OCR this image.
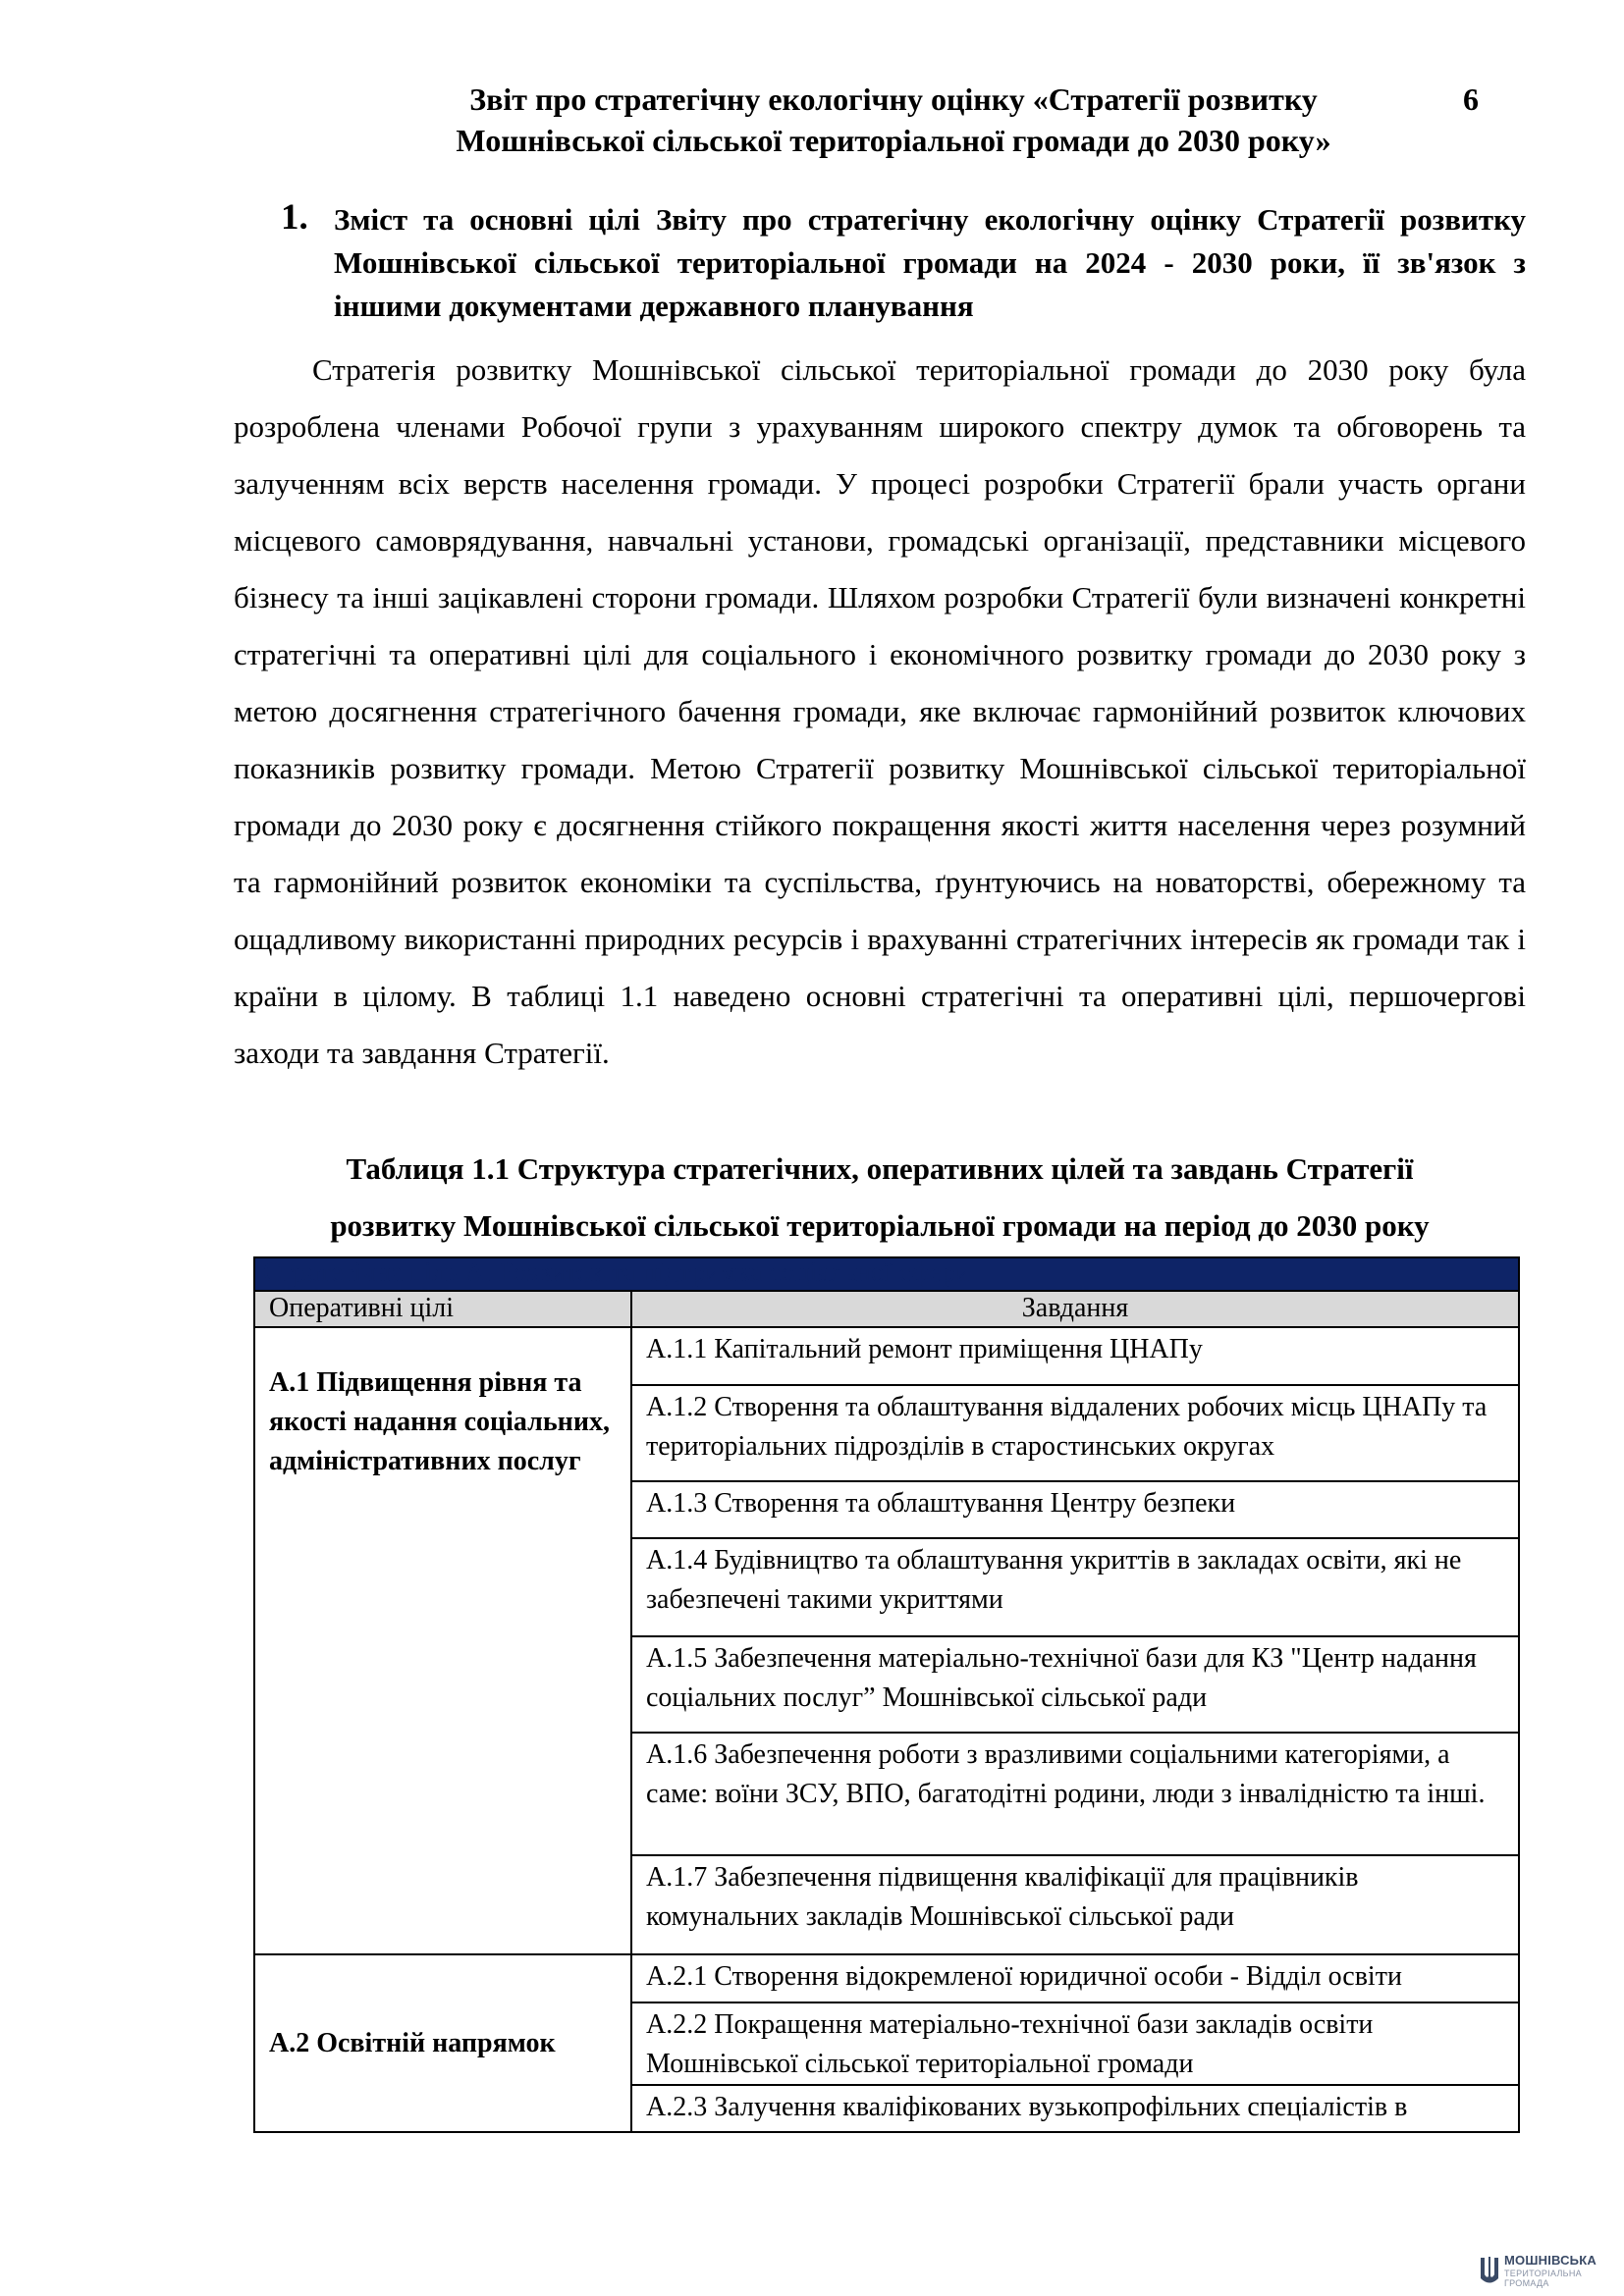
Звіт про стратегічну екологічну оцінку «Стратегії розвитку
Мошнівської сільської територіальної громади до 2030 року»
6
1. Зміст та основні цілі Звіту про стратегічну екологічну оцінку Стратегії розвитку Мошнівської сільської територіальної громади на 2024 - 2030 роки, її зв'язок з іншими документами державного планування
Стратегія розвитку Мошнівської сільської територіальної громади до 2030 року була розроблена членами Робочої групи з урахуванням широкого спектру думок та обговорень та залученням всіх верств населення громади. У процесі розробки Стратегії брали участь органи місцевого самоврядування, навчальні установи, громадські організації, представники місцевого бізнесу та інші зацікавлені сторони громади. Шляхом розробки Стратегії були визначені конкретні стратегічні та оперативні цілі для соціального і економічного розвитку громади до 2030 року з метою досягнення стратегічного бачення громади, яке включає гармонійний розвиток ключових показників розвитку громади. Метою Стратегії розвитку Мошнівської сільської територіальної громади до 2030 року є досягнення стійкого покращення якості життя населення через розумний та гармонійний розвиток економіки та суспільства, ґрунтуючись на новаторстві, обережному та ощадливому використанні природних ресурсів і врахуванні стратегічних інтересів як громади так і країни в цілому. В таблиці 1.1 наведено основні стратегічні та оперативні цілі, першочергові заходи та завдання Стратегії.
Таблиця 1.1 Структура стратегічних, оперативних цілей та завдань Стратегії
розвитку Мошнівської сільської територіальної громади на період до 2030 року
Стратегічна ціль А. Розвиток та підтримка соціальної сфери	
Оперативні цілі	Завдання
А.1 Підвищення рівня та якості надання соціальних, адміністративних послуг	А.1.1 Капітальний ремонт приміщення ЦНАПу
	А.1.2 Створення та облаштування віддалених робочих місць ЦНАПу та територіальних підрозділів в старостинських округах
	А.1.3 Створення та облаштування Центру безпеки
	А.1.4 Будівництво та облаштування укриттів в закладах освіти, які не забезпечені такими укриттями
	А.1.5 Забезпечення матеріально-технічної бази для КЗ "Центр надання соціальних послуг” Мошнівської сільської ради
	А.1.6 Забезпечення роботи з вразливими соціальними категоріями, а саме: воїни ЗСУ, ВПО, багатодітні родини, люди з інвалідністю та інші.
	А.1.7 Забезпечення підвищення кваліфікації для працівників комунальних закладів Мошнівської сільської ради
А.2 Освітній напрямок	А.2.1 Створення відокремленої юридичної особи - Відділ освіти
	А.2.2 Покращення матеріально-технічної бази закладів освіти Мошнівської сільської територіальної громади
	А.2.3 Залучення кваліфікованих вузькопрофільних спеціалістів в
МОШНІВСЬКА
ТЕРИТОРІАЛЬНА
ГРОМАДА
